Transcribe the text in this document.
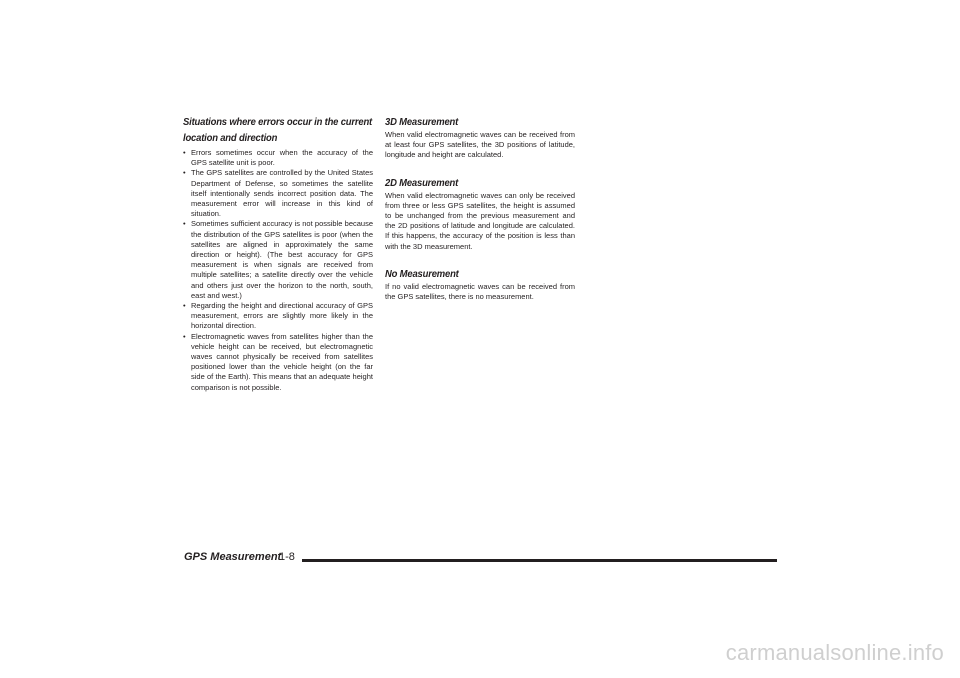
Situations where errors occur in the current location and direction
• Errors sometimes occur when the accuracy of the GPS satellite unit is poor.
• The GPS satellites are controlled by the United States Department of Defense, so sometimes the satellite itself intentionally sends incorrect position data. The measurement error will increase in this kind of situation.
• Sometimes sufficient accuracy is not possible because the distribution of the GPS satellites is poor (when the satellites are aligned in approximately the same direction or height). (The best accuracy for GPS measurement is when signals are received from multiple satellites; a satellite directly over the vehicle and others just over the horizon to the north, south, east and west.)
• Regarding the height and directional accuracy of GPS measurement, errors are slightly more likely in the horizontal direction.
• Electromagnetic waves from satellites higher than the vehicle height can be received, but electromagnetic waves cannot physically be received from satellites positioned lower than the vehicle height (on the far side of the Earth). This means that an adequate height comparison is not possible.
3D Measurement

When valid electromagnetic waves can be received from at least four GPS satellites, the 3D positions of latitude, longitude and height are calculated.

2D Measurement

When valid electromagnetic waves can only be received from three or less GPS satellites, the height is assumed to be unchanged from the previous measurement and the 2D positions of latitude and longitude are calculated. If this happens, the accuracy of the position is less than with the 3D measurement.

No Measurement

If no valid electromagnetic waves can be received from the GPS satellites, there is no measurement.

GPS Measurement
1-8
carmanualsonline.info
